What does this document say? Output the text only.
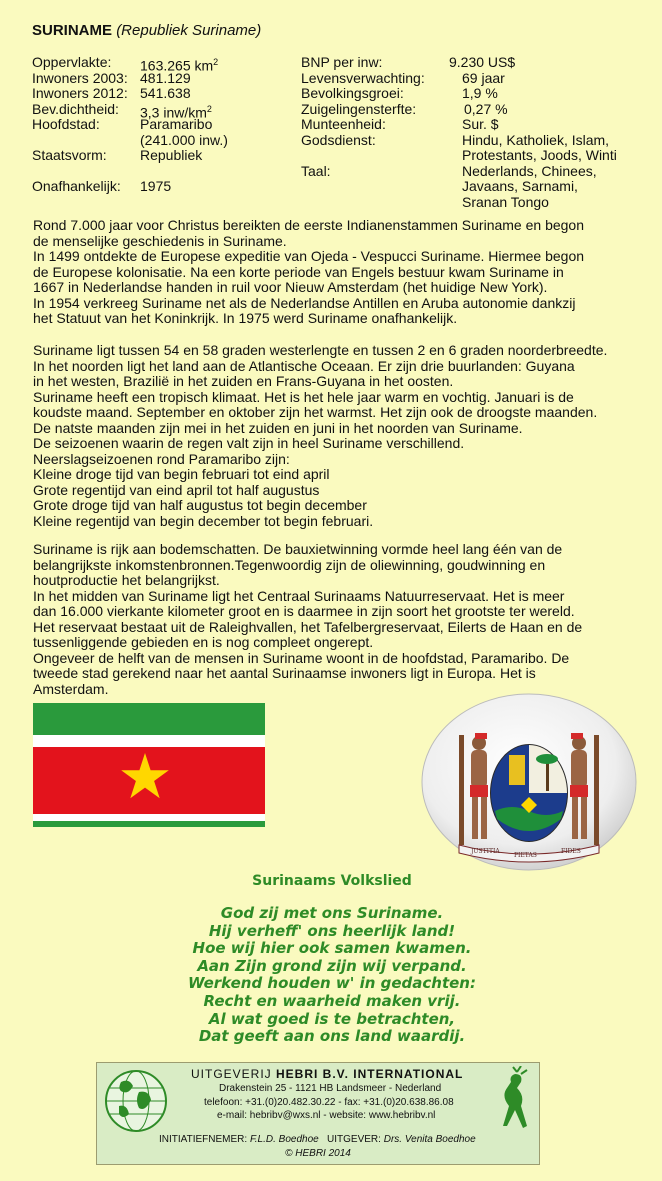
SURINAME (Republiek Suriname)
Oppervlakte: 163.265 $km^2$
Inwoners 2003: 481.129
Inwoners 2012: 541.638
Bev.dichtheid: 3,3 inw/$km^2$
Hoofdstad:	Paramaribo
(241.000 inw.)
Staatsvorm: Republiek
Onafhankelijk: 1975
BNP per inw:	9.230 US$
Levensverwachting:	69 jaar
Bevolkingsgroei:	1,9 %
Zuigelingensterfte:	0,27 %
Munteenheid:	Sur. $
Godsdienst:	Hindu, Katholiek, Islam,
Protestants, Joods, Winti
Taal:	Nederlands, Chinees,
Javaans, Sarnami,
Sranan Tongo

Rond 7.000 jaar voor Christus bereikten de eerste Indianenstammen Suriname en begon

de menselijke geschiedenis in Suriname.

In 1499 ontdekte de Europese expeditie van Ojeda - Vespucci Suriname. Hiermee begon

de Europese kolonisatie. Na een korte periode van Engels bestuur kwam Suriname in

1667 in Nederlandse handen in ruil voor Nieuw Amsterdam (het huidige New York).

In 1954 verkreeg Suriname net als de Nederlandse Antillen en Aruba autonomie dankzij

het Statuut van het Koninkrijk. In 1975 werd Suriname onafhankelijk.

Suriname ligt tussen 54 en 58 graden westerlengte en tussen 2 en 6 graden noorderbreedte.

In het noorden ligt het land aan de Atlantische Oceaan. Er zijn drie buurlanden: Guyana

in het westen, Brazilië in het zuiden en Frans-Guyana in het oosten.

Suriname heeft een tropisch klimaat. Het is het hele jaar warm en vochtig. Januari is de

koudste maand. September en oktober zijn het warmst. Het zijn ook de droogste maanden.

De natste maanden zijn mei in het zuiden en juni in het noorden van Suriname.

De seizoenen waarin de regen valt zijn in heel Suriname verschillend.

Neerslagseizoenen rond Paramaribo zijn:

Kleine droge tijd van begin februari tot eind april

Grote regentijd van eind april tot half augustus

Grote droge tijd van half augustus tot begin december

Kleine regentijd van begin december tot begin februari.

Suriname is rijk aan bodemschatten. De bauxietwinning vormde heel lang één van de

belangrijkste inkomstenbronnen.Tegenwoordig zijn de oliewinning, goudwinning en

houtproductie het belangrijkst.

In het midden van Suriname ligt het Centraal Surinaams Natuurreservaat. Het is meer

dan 16.000 vierkante kilometer groot en is daarmee in zijn soort het grootste ter wereld.

Het reservaat bestaat uit de Raleighvallen, het Tafelbergreservaat, Eilerts de Haan en de

tussenliggende gebieden en is nog compleet ongerept.

Ongeveer de helft van de mensen in Suriname woont in de hoofdstad, Paramaribo. De

tweede stad gerekend naar het aantal Surinaamse inwoners ligt in Europa. Het is

Amsterdam.

JUSTITIA
PIETAS
FIDES
Surinaams Volkslied
God zij met ons Suriname.
Hij verheff' ons heerlijk land!
Hoe wij hier ook samen kwamen.
Aan Zijn grond zijn wij verpand.
Werkend houden w' in gedachten:
Recht en waarheid maken vrij.
Al wat goed is te betrachten,
Dat geeft aan ons land waardij.
UITGEVERIJ HEBRI B.V. INTERNATIONAL
Drakenstein 25 - 1121 HB Landsmeer - Nederland
telefoon: +31.(0)20.482.30.22 - fax: +31.(0)20.638.86.08
e-mail: hebribv@wxs.nl - website: www.hebribv.nl
INITIATIEFNEMER: F.L.D. Boedhoe   UITGEVER: Drs. Venita Boedhoe
© HEBRI 2014
